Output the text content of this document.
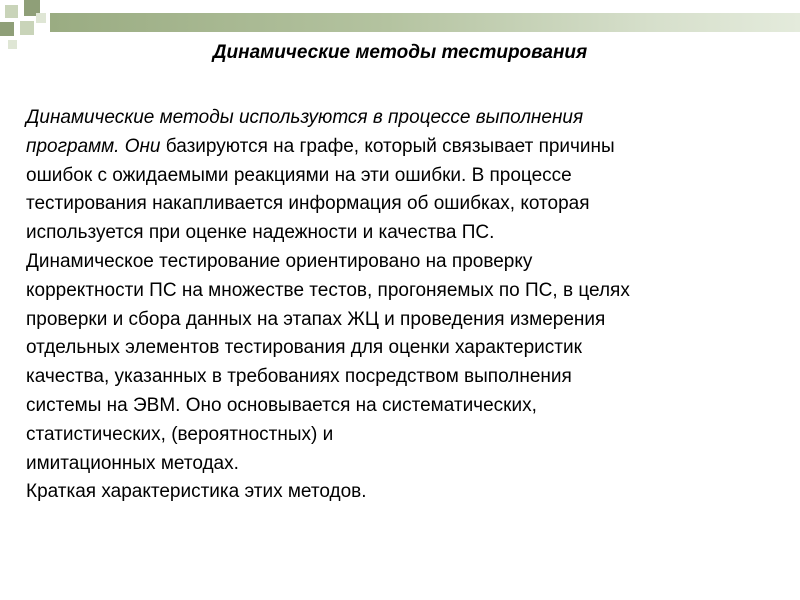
Динамические методы тестирования
Динамические методы используются в процессе выполнения
программ. Они базируются на графе, который связывает причины
ошибок с ожидаемыми реакциями на эти ошибки. В процессе
тестирования накапливается информация об ошибках, которая
используется при оценке надежности и качества ПС.
Динамическое тестирование ориентировано на проверку
корректности ПС на множестве тестов, прогоняемых по ПС, в целях
проверки и сбора данных на этапах ЖЦ и проведения измерения
отдельных элементов тестирования для оценки характеристик
качества, указанных в требованиях посредством выполнения
системы на ЭВМ. Оно основывается на систематических,
статистических, (вероятностных) и
имитационных методах.
Краткая характеристика этих методов.
